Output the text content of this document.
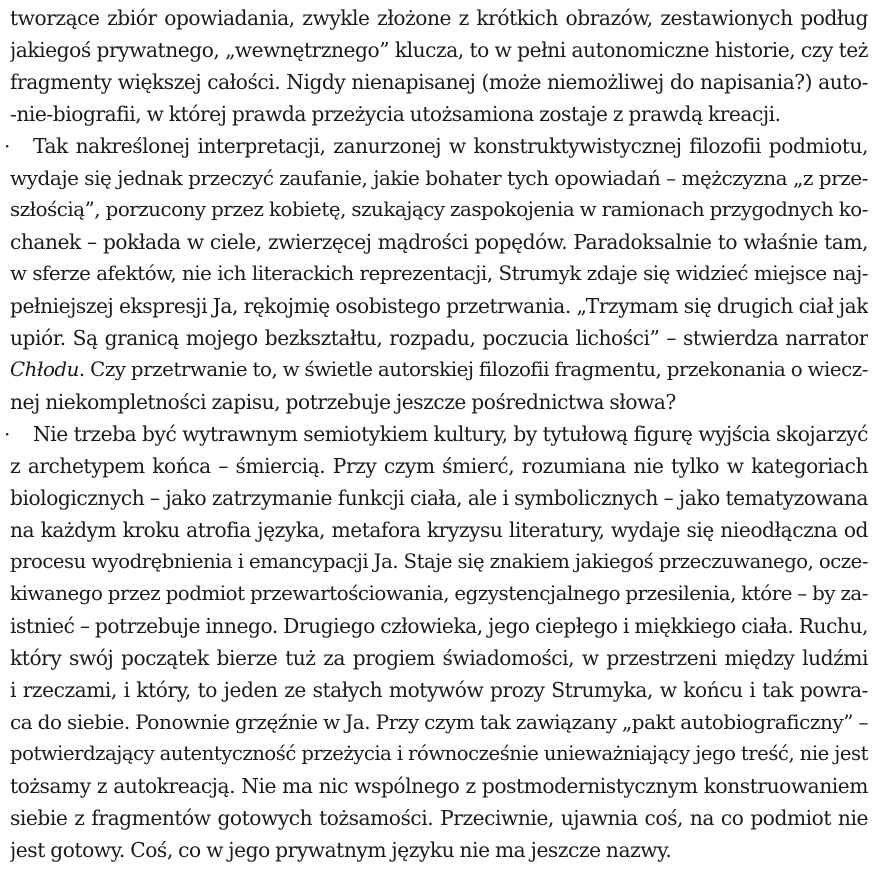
tworzące zbiór opowiadania, zwykle złożone z krótkich obrazów, zestawionych podług
jakiegoś prywatnego, „wewnętrznego” klucza, to w pełni autonomiczne historie, czy też
fragmenty większej całości. Nigdy nienapisanej (może niemożliwej do napisania?) auto-
-nie-biografii, w której prawda przeżycia utożsamiona zostaje z prawdą kreacji.
· Tak nakreślonej interpretacji, zanurzonej w konstruktywistycznej filozofii podmiotu,
wydaje się jednak przeczyć zaufanie, jakie bohater tych opowiadań – mężczyzna „z prze-
szłością”, porzucony przez kobietę, szukający zaspokojenia w ramionach przygodnych ko-
chanek – pokłada w ciele, zwierzęcej mądrości popędów. Paradoksalnie to właśnie tam,
w sferze afektów, nie ich literackich reprezentacji, Strumyk zdaje się widzieć miejsce naj-
pełniejszej ekspresji Ja, rękojmię osobistego przetrwania. „Trzymam się drugich ciał jak
upiór. Są granicą mojego bezkształtu, rozpadu, poczucia lichości” – stwierdza narrator
Chłodu. Czy przetrwanie to, w świetle autorskiej filozofii fragmentu, przekonania o wiecz-
nej niekompletności zapisu, potrzebuje jeszcze pośrednictwa słowa?
· Nie trzeba być wytrawnym semiotykiem kultury, by tytułową figurę wyjścia skojarzyć
z archetypem końca – śmiercią. Przy czym śmierć, rozumiana nie tylko w kategoriach
biologicznych – jako zatrzymanie funkcji ciała, ale i symbolicznych – jako tematyzowana
na każdym kroku atrofia języka, metafora kryzysu literatury, wydaje się nieodłączna od
procesu wyodrębnienia i emancypacji Ja. Staje się znakiem jakiegoś przeczuwanego, ocze-
kiwanego przez podmiot przewartościowania, egzystencjalnego przesilenia, które – by za-
istnieć – potrzebuje innego. Drugiego człowieka, jego ciepłego i miękkiego ciała. Ruchu,
który swój początek bierze tuż za progiem świadomości, w przestrzeni między ludźmi
i rzeczami, i który, to jeden ze stałych motywów prozy Strumyka, w końcu i tak powra-
ca do siebie. Ponownie grzęźnie w Ja. Przy czym tak zawiązany „pakt autobiograficzny” –
potwierdzający autentyczność przeżycia i równocześnie unieważniający jego treść, nie jest
tożsamy z autokreacją. Nie ma nic wspólnego z postmodernistycznym konstruowaniem
siebie z fragmentów gotowych tożsamości. Przeciwnie, ujawnia coś, na co podmiot nie
jest gotowy. Coś, co w jego prywatnym języku nie ma jeszcze nazwy.
